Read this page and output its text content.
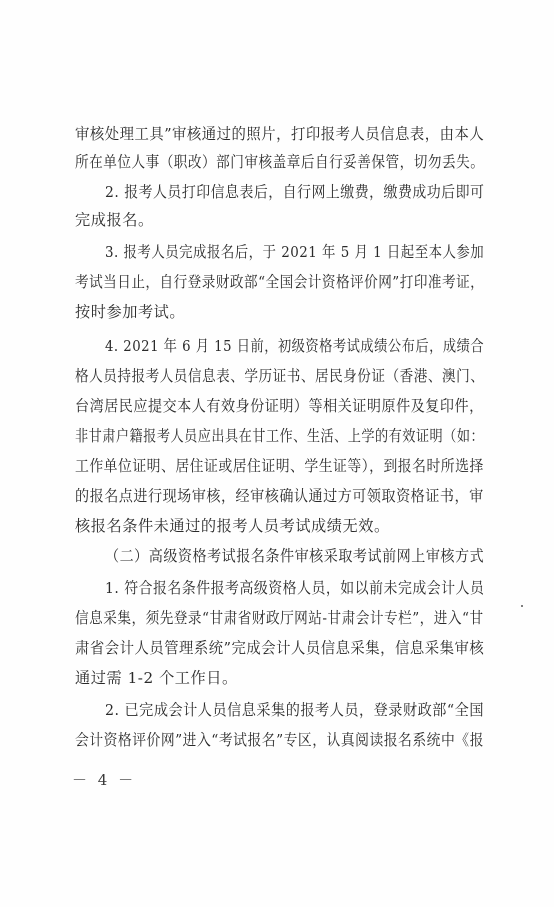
审核处理工具”审核通过的照片，打印报考人员信息表，由本人
所在单位人事（职改）部门审核盖章后自行妥善保管，切勿丢失。
2. 报考人员打印信息表后，自行网上缴费，缴费成功后即可
完成报名。
3. 报考人员完成报名后，于 2021 年 5 月 1 日起至本人参加
考试当日止，自行登录财政部“全国会计资格评价网”打印准考证，
按时参加考试。
4. 2021 年 6 月 15 日前，初级资格考试成绩公布后，成绩合
格人员持报考人员信息表、学历证书、居民身份证（香港、澳门、
台湾居民应提交本人有效身份证明）等相关证明原件及复印件，
非甘肃户籍报考人员应出具在甘工作、生活、上学的有效证明（如：
工作单位证明、居住证或居住证明、学生证等），到报名时所选择
的报名点进行现场审核，经审核确认通过方可领取资格证书，审
核报名条件未通过的报考人员考试成绩无效。
（二）高级资格考试报名条件审核采取考试前网上审核方式
1. 符合报名条件报考高级资格人员，如以前未完成会计人员
信息采集，须先登录“甘肃省财政厅网站-甘肃会计专栏”，进入“甘
肃省会计人员管理系统”完成会计人员信息采集，信息采集审核
通过需 1-2 个工作日。
2. 已完成会计人员信息采集的报考人员，登录财政部“全国
会计资格评价网”进入“考试报名”专区，认真阅读报名系统中《报
－ 4 －
